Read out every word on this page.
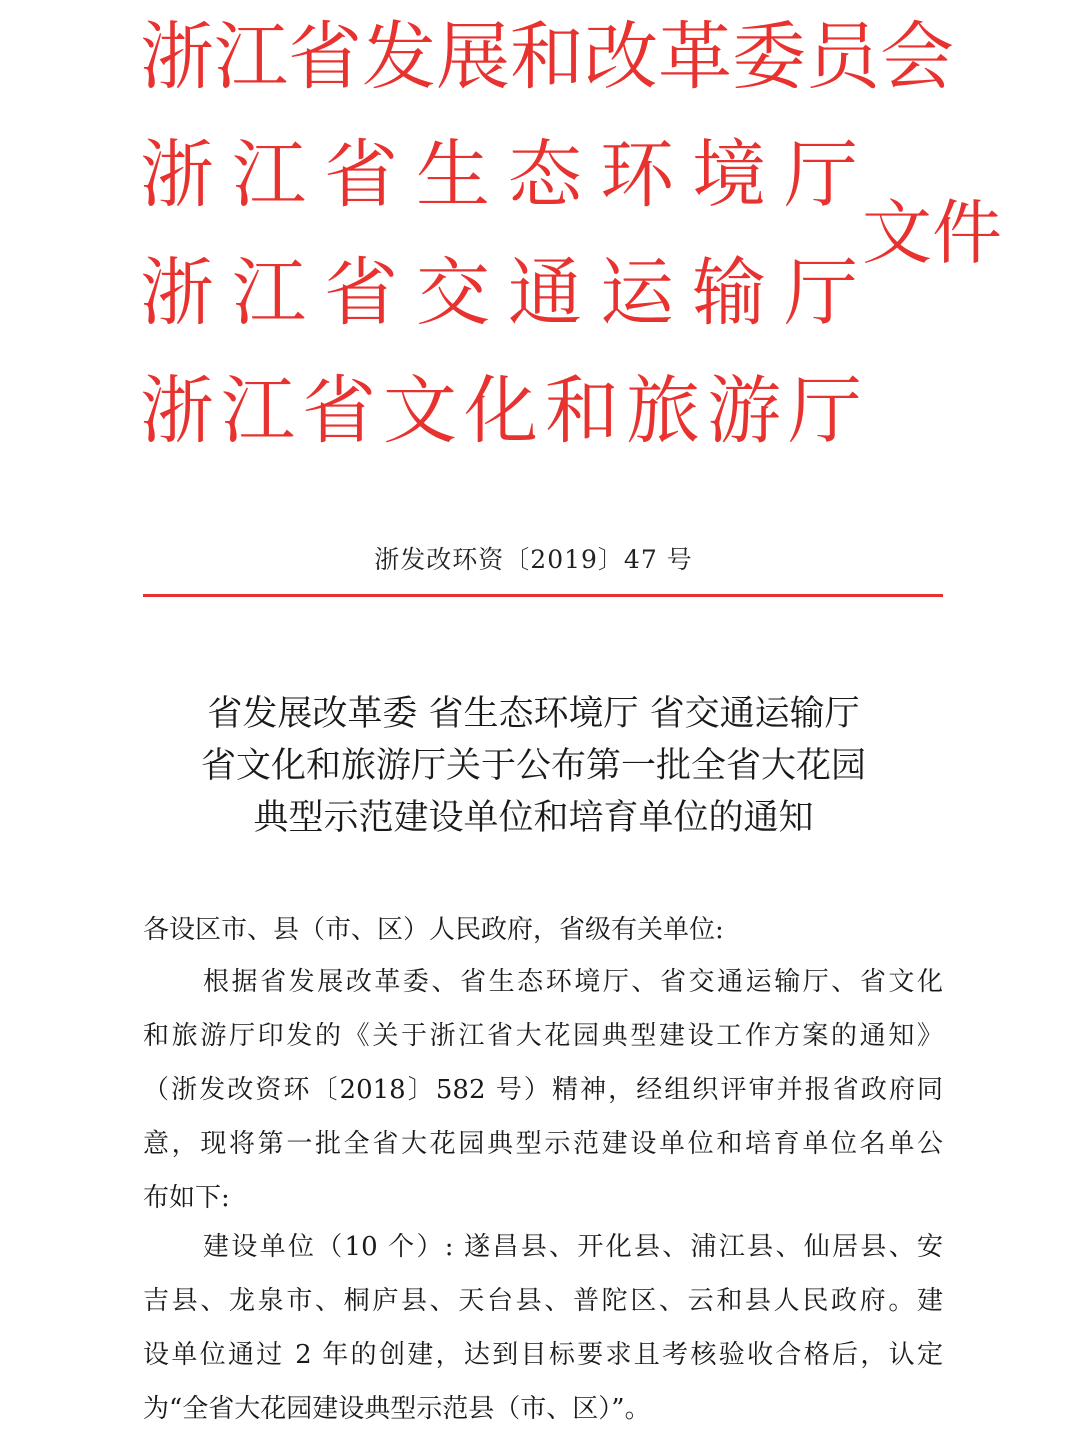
浙江省发展和改革委员会
浙江省生态环境厅
浙江省交通运输厅
浙江省文化和旅游厅
文件
浙发改环资〔2019〕47 号
省发展改革委 省生态环境厅 省交通运输厅
省文化和旅游厅关于公布第一批全省大花园
典型示范建设单位和培育单位的通知
各设区市、县（市、区）人民政府，省级有关单位:
根据省发展改革委、省生态环境厅、省交通运输厅、省文化
和旅游厅印发的《关于浙江省大花园典型建设工作方案的通知》
（浙发改资环〔2018〕582 号）精神，经组织评审并报省政府同
意，现将第一批全省大花园典型示范建设单位和培育单位名单公
布如下:
建设单位（10 个）: 遂昌县、开化县、浦江县、仙居县、安
吉县、龙泉市、桐庐县、天台县、普陀区、云和县人民政府。建
设单位通过 2 年的创建，达到目标要求且考核验收合格后，认定
为“全省大花园建设典型示范县（市、区）”。
